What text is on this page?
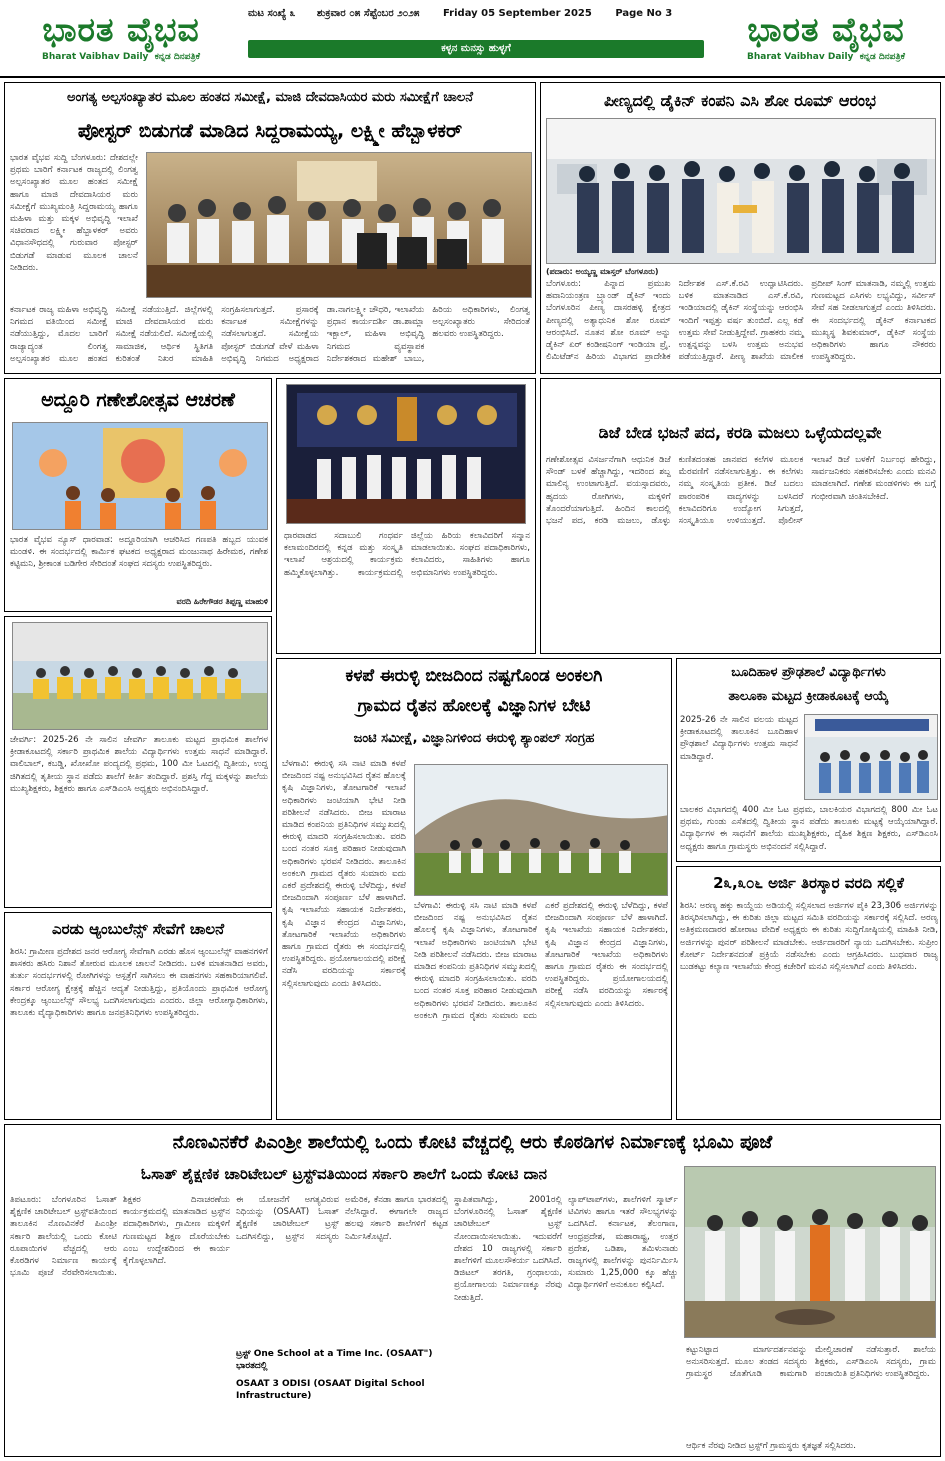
ಭಾರತ ವೈಭವ
Bharat Vaibhav Daily ಕನ್ನಡ ದಿನಪತ್ರಿಕೆ
ಮಟ ಸಂಖ್ಯೆ ೩ ಶುಕ್ರವಾರ ೦೫ ಸೆಪ್ಟೆಂಬರ ೨೦೨೫ Friday 05 September 2025 Page No 3
ಕಳ್ಳನ ಮನಸ್ಸು ಹುಳ್ಳಗೆ	ಭಾರತ ವೈಭವ
Bharat Vaibhav Daily ಕನ್ನಡ ದಿನಪತ್ರಿಕೆ
ಅಂಗತ್ಯ ಅಲ್ಪಸಂಖ್ಯಾತರ ಮೂಲ ಹಂತದ ಸಮೀಕ್ಷೆ, ಮಾಜಿ ದೇವದಾಸಿಯರ ಮರು ಸಮೀಕ್ಷೆಗೆ ಚಾಲನೆ
ಪೋಸ್ಟರ್ ಬಿಡುಗಡೆ ಮಾಡಿದ ಸಿದ್ದರಾಮಯ್ಯ, ಲಕ್ಷ್ಮೀ ಹೆಬ್ಬಾಳಕರ್
ಭಾರತ ವೈಭವ ಸುದ್ದಿ ಬೆಂಗಳೂರು: ದೇಶದಲ್ಲೇ ಪ್ರಥಮ ಬಾರಿಗೆ ಕರ್ನಾಟಕ ರಾಜ್ಯದಲ್ಲಿ ಲಿಂಗತ್ವ ಅಲ್ಪಸಂಖ್ಯಾತರ ಮೂಲ ಹಂತದ ಸಮೀಕ್ಷೆ ಹಾಗೂ ಮಾಜಿ ದೇವದಾಸಿಯರ ಮರು ಸಮೀಕ್ಷೆಗೆ ಮುಖ್ಯಮಂತ್ರಿ ಸಿದ್ದರಾಮಯ್ಯ ಹಾಗೂ ಮಹಿಳಾ ಮತ್ತು ಮಕ್ಕಳ ಅಭಿವೃದ್ಧಿ ಇಲಾಖೆ ಸಚಿವರಾದ ಲಕ್ಷ್ಮೀ ಹೆಬ್ಬಾಳಕರ್ ಅವರು ವಿಧಾನಸೌಧದಲ್ಲಿ ಗುರುವಾರ ಪೋಸ್ಟರ್ ಬಿಡುಗಡೆ ಮಾಡುವ ಮೂಲಕ ಚಾಲನೆ ನೀಡಿದರು.
ಕರ್ನಾಟಕ ರಾಜ್ಯ ಮಹಿಳಾ ಅಭಿವೃದ್ಧಿ ನಿಗಮದ ವತಿಯಿಂದ ಸಮೀಕ್ಷೆ ನಡೆಯುತ್ತಿದ್ದು, ಮೊದಲ ಬಾರಿಗೆ ರಾಜ್ಯಾದ್ಯಂತ ಲಿಂಗತ್ವ ಅಲ್ಪಸಂಖ್ಯಾತರ ಮೂಲ ಹಂತದ ಸಮೀಕ್ಷೆ ನಡೆಯುತ್ತಿದೆ. ಜಿಲ್ಲೆಗಳಲ್ಲಿ ಮಾಜಿ ದೇವದಾಸಿಯರ ಮರು ಸಮೀಕ್ಷೆ ನಡೆಯಲಿದೆ. ಸಮೀಕ್ಷೆಯಲ್ಲಿ ಸಾಮಾಜಿಕ, ಆರ್ಥಿಕ ಸ್ಥಿತಿಗತಿ ಕುರಿತಂತೆ ನಿಖರ ಮಾಹಿತಿ ಸಂಗ್ರಹಿಸಲಾಗುತ್ತದೆ. ಪ್ರಸಾರಕ್ಕೆ ಕರ್ನಾಟಕ ಸಮೀಕ್ಷೆಗಳನ್ನು ನಡೆಸಲಾಗುತ್ತದೆ. ಸಮೀಕ್ಷೆಯ ಪೋಸ್ಟರ್ ಬಿಡುಗಡೆ ವೇಳೆ ಮಹಿಳಾ ಅಭಿವೃದ್ಧಿ ನಿಗಮದ ಅಧ್ಯಕ್ಷರಾದ ಡಾ.ನಾಗಲಕ್ಷ್ಮೀ ಚೌಧರಿ, ಇಲಾಖೆಯ ಪ್ರಧಾನ ಕಾರ್ಯದರ್ಶಿ ಡಾ.ಶಾಮ್ಲಾ ಇಕ್ಬಾಲ್, ಮಹಿಳಾ ಅಭಿವೃದ್ಧಿ ನಿಗಮದ ವ್ಯವಸ್ಥಾಪಕ ನಿರ್ದೇಶಕರಾದ ಮಹೇಶ್ ಬಾಬು, ಹಿರಿಯ ಅಧಿಕಾರಿಗಳು, ಲಿಂಗತ್ವ ಅಲ್ಪಸಂಖ್ಯಾತರು ಸೇರಿದಂತೆ ಹಲವರು ಉಪಸ್ಥಿತರಿದ್ದರು.
ಪೀಣ್ಯದಲ್ಲಿ ಡೈಕಿನ್ ಕಂಪನಿ ಎಸಿ ಶೋ ರೂಮ್ ಆರಂಭ
(ಪದಾರು: ಅಯ್ಯಣ್ಣ ಮಾಸ್ತರ್ ಬೆಂಗಳೂರು)
ಬೆಂಗಳೂರು: ಪಿನ್ನಾದ ಪ್ರಮುಖ ಹವಾನಿಯಂತ್ರಣ ಬ್ರ್ಯಾಂಡ್ ಡೈಕಿನ್ ಇಂದು ಬೆಂಗಳೂರಿನ ಪೀಣ್ಯ ದಾಸರಹಳ್ಳಿ ಕ್ಷೇತ್ರದ ಪೀಣ್ಯದಲ್ಲಿ ಅತ್ಯಾಧುನಿಕ ಶೋ ರೂಮ್ ಆರಂಭಿಸಿದೆ. ನೂತನ ಶೋ ರೂಮ್ ಅನ್ನು ಡೈಕಿನ್ ಏರ್ ಕಂಡೀಷನಿಂಗ್ ಇಂಡಿಯಾ ಪ್ರೈ. ಲಿಮಿಟೆಡ್‌ನ ಹಿರಿಯ ವಿಭಾಗದ ಪ್ರಾದೇಶಿಕ ನಿರ್ದೇಶಕ ಎಸ್.ಕೆ.ರವಿ ಉದ್ಘಾಟಿಸಿದರು. ಬಳಿಕ ಮಾತನಾಡಿದ ಎಸ್.ಕೆ.ರವಿ, ಇಂಡಿಯಾದಲ್ಲಿ ಡೈಕಿನ್ ಸಂಸ್ಥೆಯನ್ನು ಆರಂಭಿಸಿ ಇಂದಿಗೆ ಇಪ್ಪತ್ತು ವರ್ಷ ತುಂಬಿದೆ. ಎಲ್ಲ ಕಡೆ ಉತ್ತಮ ಸೇವೆ ನೀಡುತ್ತಿದ್ದೇವೆ. ಗ್ರಾಹಕರು ನಮ್ಮ ಉತ್ಪನ್ನವನ್ನು ಬಳಸಿ ಉತ್ತಮ ಅನುಭವ ಪಡೆಯುತ್ತಿದ್ದಾರೆ. ಪೀಣ್ಯ ಶಾಖೆಯ ಮಾಲೀಕ ಪ್ರದೀಪ್ ಸಿಂಗ್ ಮಾತನಾಡಿ, ನಮ್ಮಲ್ಲಿ ಉತ್ತಮ ಗುಣಮಟ್ಟದ ಎಸಿಗಳು ಲಭ್ಯವಿದ್ದು, ಸರ್ವೀಸ್ ಸೇವೆ ಸಹ ನೀಡಲಾಗುತ್ತದೆ ಎಂದು ತಿಳಿಸಿದರು. ಈ ಸಂದರ್ಭದಲ್ಲಿ ಡೈಕಿನ್ ಕರ್ನಾಟಕದ ಮುಖ್ಯಸ್ಥ ಶಿವಕುಮಾರ್, ಡೈಕಿನ್ ಸಂಸ್ಥೆಯ ಅಧಿಕಾರಿಗಳು ಹಾಗೂ ನೌಕರರು ಉಪಸ್ಥಿತರಿದ್ದರು.
ಅದ್ದೂರಿ ಗಣೇಶೋತ್ಸವ ಆಚರಣೆ
ಭಾರತ ವೈಭವ ನ್ಯೂಸ್ ಧಾರವಾಡ: ಅದ್ದೂರಿಯಾಗಿ ಆಚರಿಸಿದ ಗಣಪತಿ ಹಬ್ಬದ ಯುವಕ ಮಂಡಳಿ. ಈ ಸಂದರ್ಭದಲ್ಲಿ ಕಾರ್ಮಿಕ ಘಟಕದ ಅಧ್ಯಕ್ಷರಾದ ಮಂಜುನಾಥ ಹಿರೇಮಠ, ಗಣೇಶ ಕಟ್ಟಿಮನಿ, ಶ್ರೀಕಾಂತ ಬಡಿಗೇರ ಸೇರಿದಂತೆ ಸಂಘದ ಸದಸ್ಯರು ಉಪಸ್ಥಿತರಿದ್ದರು.
ವರದಿ ಹಿರೇಗೌಡರ ತಿಪ್ಪಣ್ಣ ಮಾಹುಳಿ
ಧಾರವಾಡದ ಸದಾಬುಲಿ ಗಂಧರ್ವ ಕಲಾಮಂದಿರದಲ್ಲಿ ಕನ್ನಡ ಮತ್ತು ಸಂಸ್ಕೃತಿ ಇಲಾಖೆ ಆಶ್ರಯದಲ್ಲಿ ಕಾರ್ಯಕ್ರಮ ಹಮ್ಮಿಕೊಳ್ಳಲಾಗಿತ್ತು. ಕಾರ್ಯಕ್ರಮದಲ್ಲಿ ಜಿಲ್ಲೆಯ ಹಿರಿಯ ಕಲಾವಿದರಿಗೆ ಸನ್ಮಾನ ಮಾಡಲಾಯಿತು. ಸಂಘದ ಪದಾಧಿಕಾರಿಗಳು, ಕಲಾವಿದರು, ಸಾಹಿತಿಗಳು ಹಾಗೂ ಅಭಿಮಾನಿಗಳು ಉಪಸ್ಥಿತರಿದ್ದರು.
ಡಿಜೆ ಬೇಡ ಭಜನೆ ಪದ, ಕರಡಿ ಮಜಲು ಒಳ್ಳೆಯದಲ್ಲವೇ
ಗಣೇಶೋತ್ಸವ ವಿಸರ್ಜನೆಗಾಗಿ ಆಧುನಿಕ ಡಿಜೆ ಸೌಂಡ್ ಬಳಕೆ ಹೆಚ್ಚಾಗಿದ್ದು, ಇದರಿಂದ ಶಬ್ದ ಮಾಲಿನ್ಯ ಉಂಟಾಗುತ್ತಿದೆ. ವಯಸ್ಸಾದವರು, ಹೃದಯ ರೋಗಿಗಳು, ಮಕ್ಕಳಿಗೆ ತೊಂದರೆಯಾಗುತ್ತಿದೆ. ಹಿಂದಿನ ಕಾಲದಲ್ಲಿ ಭಜನೆ ಪದ, ಕರಡಿ ಮಜಲು, ಡೊಳ್ಳು ಕುಣಿತದಂತಹ ಜಾನಪದ ಕಲೆಗಳ ಮೂಲಕ ಮೆರವಣಿಗೆ ನಡೆಸಲಾಗುತ್ತಿತ್ತು. ಈ ಕಲೆಗಳು ನಮ್ಮ ಸಂಸ್ಕೃತಿಯ ಪ್ರತೀಕ. ಡಿಜೆ ಬದಲು ಪಾರಂಪರಿಕ ವಾದ್ಯಗಳನ್ನು ಬಳಸಿದರೆ ಕಲಾವಿದರಿಗೂ ಉದ್ಯೋಗ ಸಿಗುತ್ತದೆ, ಸಂಸ್ಕೃತಿಯೂ ಉಳಿಯುತ್ತದೆ. ಪೊಲೀಸ್ ಇಲಾಖೆ ಡಿಜೆ ಬಳಕೆಗೆ ನಿರ್ಬಂಧ ಹೇರಿದ್ದು, ಸಾರ್ವಜನಿಕರು ಸಹಕರಿಸಬೇಕು ಎಂದು ಮನವಿ ಮಾಡಲಾಗಿದೆ. ಗಣೇಶ ಮಂಡಳಿಗಳು ಈ ಬಗ್ಗೆ ಗಂಭೀರವಾಗಿ ಚಿಂತಿಸಬೇಕಿದೆ.
ಜೇವರ್ಗಿ: 2025-26 ನೇ ಸಾಲಿನ ಜೇವರ್ಗಿ ತಾಲೂಕು ಮಟ್ಟದ ಪ್ರಾಥಮಿಕ ಶಾಲೆಗಳ ಕ್ರೀಡಾಕೂಟದಲ್ಲಿ ಸರ್ಕಾರಿ ಪ್ರಾಥಮಿಕ ಶಾಲೆಯ ವಿದ್ಯಾರ್ಥಿಗಳು ಉತ್ತಮ ಸಾಧನೆ ಮಾಡಿದ್ದಾರೆ. ವಾಲಿಬಾಲ್, ಕಬಡ್ಡಿ, ಖೋಖೋ ಪಂದ್ಯದಲ್ಲಿ ಪ್ರಥಮ, 100 ಮೀ ಓಟದಲ್ಲಿ ದ್ವಿತೀಯ, ಉದ್ದ ಜಿಗಿತದಲ್ಲಿ ತೃತೀಯ ಸ್ಥಾನ ಪಡೆದು ಶಾಲೆಗೆ ಕೀರ್ತಿ ತಂದಿದ್ದಾರೆ. ಪ್ರಶಸ್ತಿ ಗೆದ್ದ ಮಕ್ಕಳನ್ನು ಶಾಲೆಯ ಮುಖ್ಯಶಿಕ್ಷಕರು, ಶಿಕ್ಷಕರು ಹಾಗೂ ಎಸ್‌ಡಿಎಂಸಿ ಅಧ್ಯಕ್ಷರು ಅಭಿನಂದಿಸಿದ್ದಾರೆ.
ಕಳಪೆ ಈರುಳ್ಳಿ ಬೀಜದಿಂದ ನಷ್ಟಗೊಂಡ ಅಂಕಲಗಿ
ಗ್ರಾಮದ ರೈತನ ಹೋಲಕ್ಕೆ ವಿಜ್ಞಾನಿಗಳ ಬೇಟಿ
ಜಂಟಿ ಸಮೀಕ್ಷೆ, ವಿಜ್ಞಾನಿಗಳಿಂದ ಈರುಳ್ಳಿ ಶ್ಯಾಂಪಲ್ ಸಂಗ್ರಹ
ಬೆಳಗಾವಿ: ಈರುಳ್ಳಿ ಸಸಿ ನಾಟಿ ಮಾಡಿ ಕಳಪೆ ಬೀಜದಿಂದ ನಷ್ಟ ಅನುಭವಿಸಿದ ರೈತನ ಹೊಲಕ್ಕೆ ಕೃಷಿ ವಿಜ್ಞಾನಿಗಳು, ತೋಟಗಾರಿಕೆ ಇಲಾಖೆ ಅಧಿಕಾರಿಗಳು ಜಂಟಿಯಾಗಿ ಭೇಟಿ ನೀಡಿ ಪರಿಶೀಲನೆ ನಡೆಸಿದರು. ಬೀಜ ಮಾರಾಟ ಮಾಡಿದ ಕಂಪನಿಯ ಪ್ರತಿನಿಧಿಗಳ ಸಮ್ಮುಖದಲ್ಲಿ ಈರುಳ್ಳಿ ಮಾದರಿ ಸಂಗ್ರಹಿಸಲಾಯಿತು. ವರದಿ ಬಂದ ನಂತರ ಸೂಕ್ತ ಪರಿಹಾರ ನೀಡುವುದಾಗಿ ಅಧಿಕಾರಿಗಳು ಭರವಸೆ ನೀಡಿದರು. ತಾಲೂಕಿನ ಅಂಕಲಗಿ ಗ್ರಾಮದ ರೈತರು ಸುಮಾರು ಐದು ಎಕರೆ ಪ್ರದೇಶದಲ್ಲಿ ಈರುಳ್ಳಿ ಬೆಳೆದಿದ್ದು, ಕಳಪೆ ಬೀಜದಿಂದಾಗಿ ಸಂಪೂರ್ಣ ಬೆಳೆ ಹಾಳಾಗಿದೆ. ಕೃಷಿ ಇಲಾಖೆಯ ಸಹಾಯಕ ನಿರ್ದೇಶಕರು, ಕೃಷಿ ವಿಜ್ಞಾನ ಕೇಂದ್ರದ ವಿಜ್ಞಾನಿಗಳು, ತೋಟಗಾರಿಕೆ ಇಲಾಖೆಯ ಅಧಿಕಾರಿಗಳು ಹಾಗೂ ಗ್ರಾಮದ ರೈತರು ಈ ಸಂದರ್ಭದಲ್ಲಿ ಉಪಸ್ಥಿತರಿದ್ದರು. ಪ್ರಯೋಗಾಲಯದಲ್ಲಿ ಪರೀಕ್ಷೆ ನಡೆಸಿ ವರದಿಯನ್ನು ಸರ್ಕಾರಕ್ಕೆ ಸಲ್ಲಿಸಲಾಗುವುದು ಎಂದು ತಿಳಿಸಿದರು.
ಬೆಳಗಾವಿ: ಈರುಳ್ಳಿ ಸಸಿ ನಾಟಿ ಮಾಡಿ ಕಳಪೆ ಬೀಜದಿಂದ ನಷ್ಟ ಅನುಭವಿಸಿದ ರೈತನ ಹೊಲಕ್ಕೆ ಕೃಷಿ ವಿಜ್ಞಾನಿಗಳು, ತೋಟಗಾರಿಕೆ ಇಲಾಖೆ ಅಧಿಕಾರಿಗಳು ಜಂಟಿಯಾಗಿ ಭೇಟಿ ನೀಡಿ ಪರಿಶೀಲನೆ ನಡೆಸಿದರು. ಬೀಜ ಮಾರಾಟ ಮಾಡಿದ ಕಂಪನಿಯ ಪ್ರತಿನಿಧಿಗಳ ಸಮ್ಮುಖದಲ್ಲಿ ಈರುಳ್ಳಿ ಮಾದರಿ ಸಂಗ್ರಹಿಸಲಾಯಿತು. ವರದಿ ಬಂದ ನಂತರ ಸೂಕ್ತ ಪರಿಹಾರ ನೀಡುವುದಾಗಿ ಅಧಿಕಾರಿಗಳು ಭರವಸೆ ನೀಡಿದರು. ತಾಲೂಕಿನ ಅಂಕಲಗಿ ಗ್ರಾಮದ ರೈತರು ಸುಮಾರು ಐದು ಎಕರೆ ಪ್ರದೇಶದಲ್ಲಿ ಈರುಳ್ಳಿ ಬೆಳೆದಿದ್ದು, ಕಳಪೆ ಬೀಜದಿಂದಾಗಿ ಸಂಪೂರ್ಣ ಬೆಳೆ ಹಾಳಾಗಿದೆ. ಕೃಷಿ ಇಲಾಖೆಯ ಸಹಾಯಕ ನಿರ್ದೇಶಕರು, ಕೃಷಿ ವಿಜ್ಞಾನ ಕೇಂದ್ರದ ವಿಜ್ಞಾನಿಗಳು, ತೋಟಗಾರಿಕೆ ಇಲಾಖೆಯ ಅಧಿಕಾರಿಗಳು ಹಾಗೂ ಗ್ರಾಮದ ರೈತರು ಈ ಸಂದರ್ಭದಲ್ಲಿ ಉಪಸ್ಥಿತರಿದ್ದರು. ಪ್ರಯೋಗಾಲಯದಲ್ಲಿ ಪರೀಕ್ಷೆ ನಡೆಸಿ ವರದಿಯನ್ನು ಸರ್ಕಾರಕ್ಕೆ ಸಲ್ಲಿಸಲಾಗುವುದು ಎಂದು ತಿಳಿಸಿದರು.
ಬೂದಿಹಾಳ ಪ್ರೌಢಶಾಲೆ ವಿದ್ಯಾರ್ಥಿಗಳು
ತಾಲೂಕಾ ಮಟ್ಟದ ಕ್ರೀಡಾಕೂಟಕ್ಕೆ ಆಯ್ಕೆ
2025-26 ನೇ ಸಾಲಿನ ವಲಯ ಮಟ್ಟದ ಕ್ರೀಡಾಕೂಟದಲ್ಲಿ ತಾಲೂಕಿನ ಬೂದಿಹಾಳ ಪ್ರೌಢಶಾಲೆ ವಿದ್ಯಾರ್ಥಿಗಳು ಉತ್ತಮ ಸಾಧನೆ ಮಾಡಿದ್ದಾರೆ.
ಬಾಲಕರ ವಿಭಾಗದಲ್ಲಿ 400 ಮೀ ಓಟ ಪ್ರಥಮ, ಬಾಲಕಿಯರ ವಿಭಾಗದಲ್ಲಿ 800 ಮೀ ಓಟ ಪ್ರಥಮ, ಗುಂಡು ಎಸೆತದಲ್ಲಿ ದ್ವಿತೀಯ ಸ್ಥಾನ ಪಡೆದು ತಾಲೂಕು ಮಟ್ಟಕ್ಕೆ ಆಯ್ಕೆಯಾಗಿದ್ದಾರೆ. ವಿದ್ಯಾರ್ಥಿಗಳ ಈ ಸಾಧನೆಗೆ ಶಾಲೆಯ ಮುಖ್ಯಶಿಕ್ಷಕರು, ದೈಹಿಕ ಶಿಕ್ಷಣ ಶಿಕ್ಷಕರು, ಎಸ್‌ಡಿಎಂಸಿ ಅಧ್ಯಕ್ಷರು ಹಾಗೂ ಗ್ರಾಮಸ್ಥರು ಅಭಿನಂದನೆ ಸಲ್ಲಿಸಿದ್ದಾರೆ.
2೩,೩೦೬ ಅರ್ಜಿ ತಿರಸ್ಕಾರ ವರದಿ ಸಲ್ಲಿಕೆ
ಶಿರಸಿ: ಅರಣ್ಯ ಹಕ್ಕು ಕಾಯ್ದೆಯ ಅಡಿಯಲ್ಲಿ ಸಲ್ಲಿಸಲಾದ ಅರ್ಜಿಗಳ ಪೈಕಿ 23,306 ಅರ್ಜಿಗಳನ್ನು ತಿರಸ್ಕರಿಸಲಾಗಿದ್ದು, ಈ ಕುರಿತು ಜಿಲ್ಲಾ ಮಟ್ಟದ ಸಮಿತಿ ವರದಿಯನ್ನು ಸರ್ಕಾರಕ್ಕೆ ಸಲ್ಲಿಸಿದೆ. ಅರಣ್ಯ ಅತಿಕ್ರಮಣದಾರರ ಹೋರಾಟ ವೇದಿಕೆ ಅಧ್ಯಕ್ಷರು ಈ ಕುರಿತು ಸುದ್ದಿಗೋಷ್ಠಿಯಲ್ಲಿ ಮಾಹಿತಿ ನೀಡಿ, ಅರ್ಜಿಗಳನ್ನು ಪುನರ್ ಪರಿಶೀಲನೆ ಮಾಡಬೇಕು. ಅರ್ಜಿದಾರರಿಗೆ ನ್ಯಾಯ ಒದಗಿಸಬೇಕು. ಸುಪ್ರೀಂ ಕೋರ್ಟ್ ನಿರ್ದೇಶನದಂತೆ ಪ್ರಕ್ರಿಯೆ ನಡೆಸಬೇಕು ಎಂದು ಆಗ್ರಹಿಸಿದರು. ಬುಧವಾರ ರಾಜ್ಯ ಬುಡಕಟ್ಟು ಕಲ್ಯಾಣ ಇಲಾಖೆಯ ಕೇಂದ್ರ ಕಚೇರಿಗೆ ಮನವಿ ಸಲ್ಲಿಸಲಾಗಿದೆ ಎಂದು ತಿಳಿಸಿದರು.
ಎರಡು ಆ್ಯಂಬುಲೆನ್ಸ್ ಸೇವೆಗೆ ಚಾಲನೆ
ಶಿರಸಿ: ಗ್ರಾಮೀಣ ಪ್ರದೇಶದ ಜನರ ಆರೋಗ್ಯ ಸೇವೆಗಾಗಿ ಎರಡು ಹೊಸ ಆ್ಯಂಬುಲೆನ್ಸ್ ವಾಹನಗಳಿಗೆ ಶಾಸಕರು ಹಸಿರು ನಿಶಾನೆ ತೋರುವ ಮೂಲಕ ಚಾಲನೆ ನೀಡಿದರು. ಬಳಿಕ ಮಾತನಾಡಿದ ಅವರು, ತುರ್ತು ಸಂದರ್ಭಗಳಲ್ಲಿ ರೋಗಿಗಳನ್ನು ಆಸ್ಪತ್ರೆಗೆ ಸಾಗಿಸಲು ಈ ವಾಹನಗಳು ಸಹಕಾರಿಯಾಗಲಿವೆ. ಸರ್ಕಾರ ಆರೋಗ್ಯ ಕ್ಷೇತ್ರಕ್ಕೆ ಹೆಚ್ಚಿನ ಆದ್ಯತೆ ನೀಡುತ್ತಿದ್ದು, ಪ್ರತಿಯೊಂದು ಪ್ರಾಥಮಿಕ ಆರೋಗ್ಯ ಕೇಂದ್ರಕ್ಕೂ ಆ್ಯಂಬುಲೆನ್ಸ್ ಸೌಲಭ್ಯ ಒದಗಿಸಲಾಗುವುದು ಎಂದರು. ಜಿಲ್ಲಾ ಆರೋಗ್ಯಾಧಿಕಾರಿಗಳು, ತಾಲೂಕು ವೈದ್ಯಾಧಿಕಾರಿಗಳು ಹಾಗೂ ಜನಪ್ರತಿನಿಧಿಗಳು ಉಪಸ್ಥಿತರಿದ್ದರು.
ನೊಣವಿನಕೆರೆ ಪಿಎಂಶ್ರೀ ಶಾಲೆಯಲ್ಲಿ ಒಂದು ಕೋಟಿ ವೆಚ್ಚದಲ್ಲಿ ಆರು ಕೊಠಡಿಗಳ ನಿರ್ಮಾಣಕ್ಕೆ ಭೂಮಿ ಪೂಜೆ
ಓಸಾತ್ ಶೈಕ್ಷಣಿಕ ಚಾರಿಟೇಬಲ್ ಟ್ರಸ್ಟ್‌ವತಿಯಿಂದ ಸರ್ಕಾರಿ ಶಾಲೆಗೆ ಒಂದು ಕೋಟಿ ದಾನ
ತಿಪಟೂರು: ಬೆಂಗಳೂರಿನ ಓಸಾತ್ ಶೈಕ್ಷಣಿಕ ಚಾರಿಟೇಬಲ್ ಟ್ರಸ್ಟ್‌ವತಿಯಿಂದ ತಾಲೂಕಿನ ನೊಣವಿನಕೆರೆ ಪಿಎಂಶ್ರೀ ಸರ್ಕಾರಿ ಶಾಲೆಯಲ್ಲಿ ಒಂದು ಕೋಟಿ ರೂಪಾಯಿಗಳ ವೆಚ್ಚದಲ್ಲಿ ಆರು ಕೊಠಡಿಗಳ ನಿರ್ಮಾಣ ಕಾರ್ಯಕ್ಕೆ ಭೂಮಿ ಪೂಜೆ ನೆರವೇರಿಸಲಾಯಿತು. ಶಿಕ್ಷಕರ ದಿನಾಚರಣೆಯ ಕಾರ್ಯಕ್ರಮದಲ್ಲಿ ಮಾತನಾಡಿದ ಟ್ರಸ್ಟ್‌ನ ಪದಾಧಿಕಾರಿಗಳು, ಗ್ರಾಮೀಣ ಮಕ್ಕಳಿಗೆ ಗುಣಮಟ್ಟದ ಶಿಕ್ಷಣ ದೊರೆಯಬೇಕು ಎಂಬ ಉದ್ದೇಶದಿಂದ ಈ ಕಾರ್ಯ ಕೈಗೊಳ್ಳಲಾಗಿದೆ.
ಈ ಯೋಜನೆಗೆ ಅಗತ್ಯವಿರುವ ನಿಧಿಯನ್ನು (OSAAT) ಓಸಾತ್ ಶೈಕ್ಷಣಿಕ ಚಾರಿಟೇಬಲ್ ಟ್ರಸ್ಟ್ ಒದಗಿಸಲಿದ್ದು, ಟ್ರಸ್ಟ್‌ನ ಸದಸ್ಯರು ಅಮೆರಿಕ, ಕೆನಡಾ ಹಾಗೂ ಭಾರತದಲ್ಲಿ ನೆಲೆಸಿದ್ದಾರೆ. ಈಗಾಗಲೇ ರಾಜ್ಯದ ಹಲವು ಸರ್ಕಾರಿ ಶಾಲೆಗಳಿಗೆ ಕಟ್ಟಡ ನಿರ್ಮಿಸಿಕೊಟ್ಟಿದೆ.
ಟ್ರಸ್ಟ್ One School at a Time Inc. (OSAAT") ಭಾರತದಲ್ಲಿ
OSAAT 3 ODISI (OSAAT Digital School Infrastructure)
ಸ್ಥಾಪಿತವಾಗಿದ್ದು, 2001ರಲ್ಲಿ ಬೆಂಗಳೂರಿನಲ್ಲಿ ಓಸಾತ್ ಶೈಕ್ಷಣಿಕ ಚಾರಿಟೇಬಲ್ ಟ್ರಸ್ಟ್ ನೋಂದಾಯಿಸಲಾಯಿತು. ಇದುವರೆಗೆ ದೇಶದ 10 ರಾಜ್ಯಗಳಲ್ಲಿ ಸರ್ಕಾರಿ ಶಾಲೆಗಳಿಗೆ ಮೂಲಸೌಕರ್ಯ ಒದಗಿಸಿದೆ. ಡಿಜಿಟಲ್ ತರಗತಿ, ಗ್ರಂಥಾಲಯ, ಪ್ರಯೋಗಾಲಯ ನಿರ್ಮಾಣಕ್ಕೂ ನೆರವು ನೀಡುತ್ತಿದೆ.
ಲ್ಯಾಪ್‌ಟಾಪ್‌ಗಳು, ಶಾಲೆಗಳಿಗೆ ಸ್ಮಾರ್ಟ್ ಟಿವಿಗಳು ಹಾಗೂ ಇತರೆ ಸೌಲಭ್ಯಗಳನ್ನು ಒದಗಿಸಿದೆ. ಕರ್ನಾಟಕ, ತೆಲಂಗಾಣ, ಆಂಧ್ರಪ್ರದೇಶ, ಮಹಾರಾಷ್ಟ್ರ, ಉತ್ತರ ಪ್ರದೇಶ, ಒಡಿಶಾ, ತಮಿಳುನಾಡು ರಾಜ್ಯಗಳಲ್ಲಿ ಶಾಲೆಗಳನ್ನು ಪುನರ್ನಿರ್ಮಿಸಿ ಸುಮಾರು 1,25,000 ಕ್ಕೂ ಹೆಚ್ಚು ವಿದ್ಯಾರ್ಥಿಗಳಿಗೆ ಅನುಕೂಲ ಕಲ್ಪಿಸಿದೆ.
ಕಟ್ಟುನಿಟ್ಟಾದ ಮಾರ್ಗದರ್ಶನವನ್ನು ಅನುಸರಿಸುತ್ತದೆ. ಮೂಲ ತಂಡದ ಸದಸ್ಯರು ಗ್ರಾಮಸ್ಥರ ಜೊತೆಗೂಡಿ ಕಾಮಗಾರಿ ಮೇಲ್ವಿಚಾರಣೆ ನಡೆಸುತ್ತಾರೆ. ಶಾಲೆಯ ಶಿಕ್ಷಕರು, ಎಸ್‌ಡಿಎಂಸಿ ಸದಸ್ಯರು, ಗ್ರಾಮ ಪಂಚಾಯಿತಿ ಪ್ರತಿನಿಧಿಗಳು ಉಪಸ್ಥಿತರಿದ್ದರು.
ಆರ್ಥಿಕ ನೆರವು ನೀಡಿದ ಟ್ರಸ್ಟ್‌ಗೆ ಗ್ರಾಮಸ್ಥರು ಕೃತಜ್ಞತೆ ಸಲ್ಲಿಸಿದರು.
